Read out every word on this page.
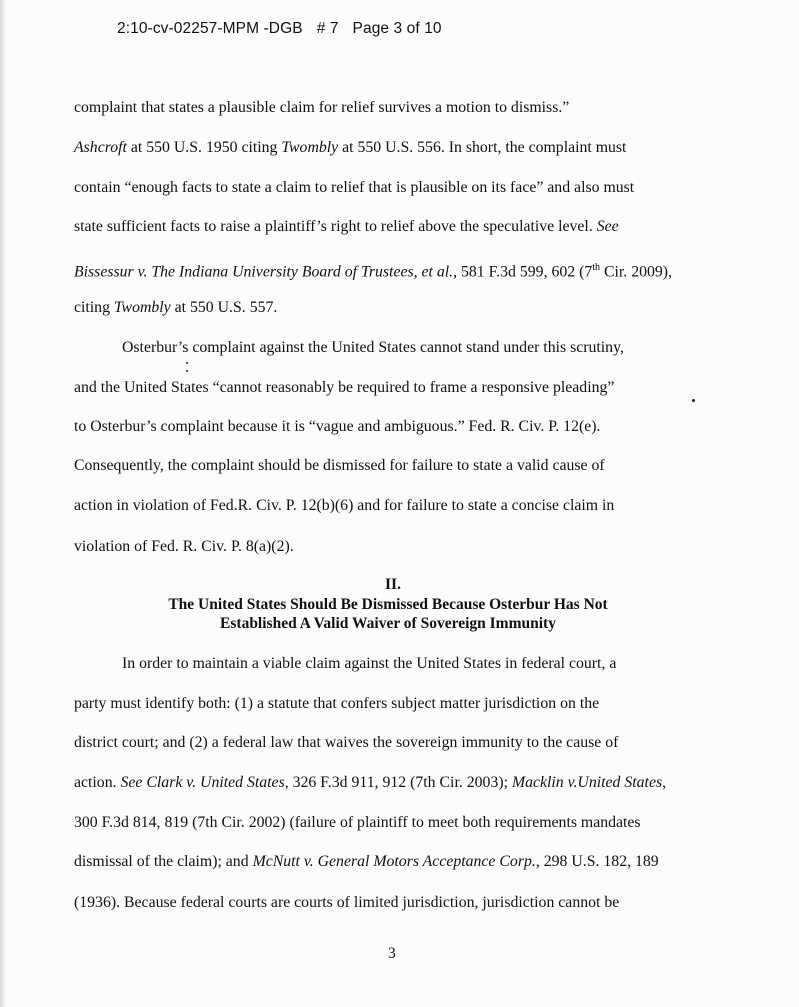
2:10-cv-02257-MPM -DGB # 7 Page 3 of 10
complaint that states a plausible claim for relief survives a motion to dismiss.”
Ashcroft at 550 U.S. 1950 citing Twombly at 550 U.S. 556. In short, the complaint must
contain “enough facts to state a claim to relief that is plausible on its face” and also must
state sufficient facts to raise a plaintiff’s right to relief above the speculative level. See
Bissessur v. The Indiana University Board of Trustees, et al., 581 F.3d 599, 602 (7th Cir. 2009),
citing Twombly at 550 U.S. 557.
Osterbur’s complaint against the United States cannot stand under this scrutiny,
and the United States “cannot reasonably be required to frame a responsive pleading”
to Osterbur’s complaint because it is “vague and ambiguous.” Fed. R. Civ. P. 12(e).
Consequently, the complaint should be dismissed for failure to state a valid cause of
action in violation of Fed.R. Civ. P. 12(b)(6) and for failure to state a concise claim in
violation of Fed. R. Civ. P. 8(a)(2).
II.
The United States Should Be Dismissed Because Osterbur Has Not
Established A Valid Waiver of Sovereign Immunity
In order to maintain a viable claim against the United States in federal court, a
party must identify both: (1) a statute that confers subject matter jurisdiction on the
district court; and (2) a federal law that waives the sovereign immunity to the cause of
action. See Clark v. United States, 326 F.3d 911, 912 (7th Cir. 2003); Macklin v.United States,
300 F.3d 814, 819 (7th Cir. 2002) (failure of plaintiff to meet both requirements mandates
dismissal of the claim); and McNutt v. General Motors Acceptance Corp., 298 U.S. 182, 189
(1936). Because federal courts are courts of limited jurisdiction, jurisdiction cannot be
3
